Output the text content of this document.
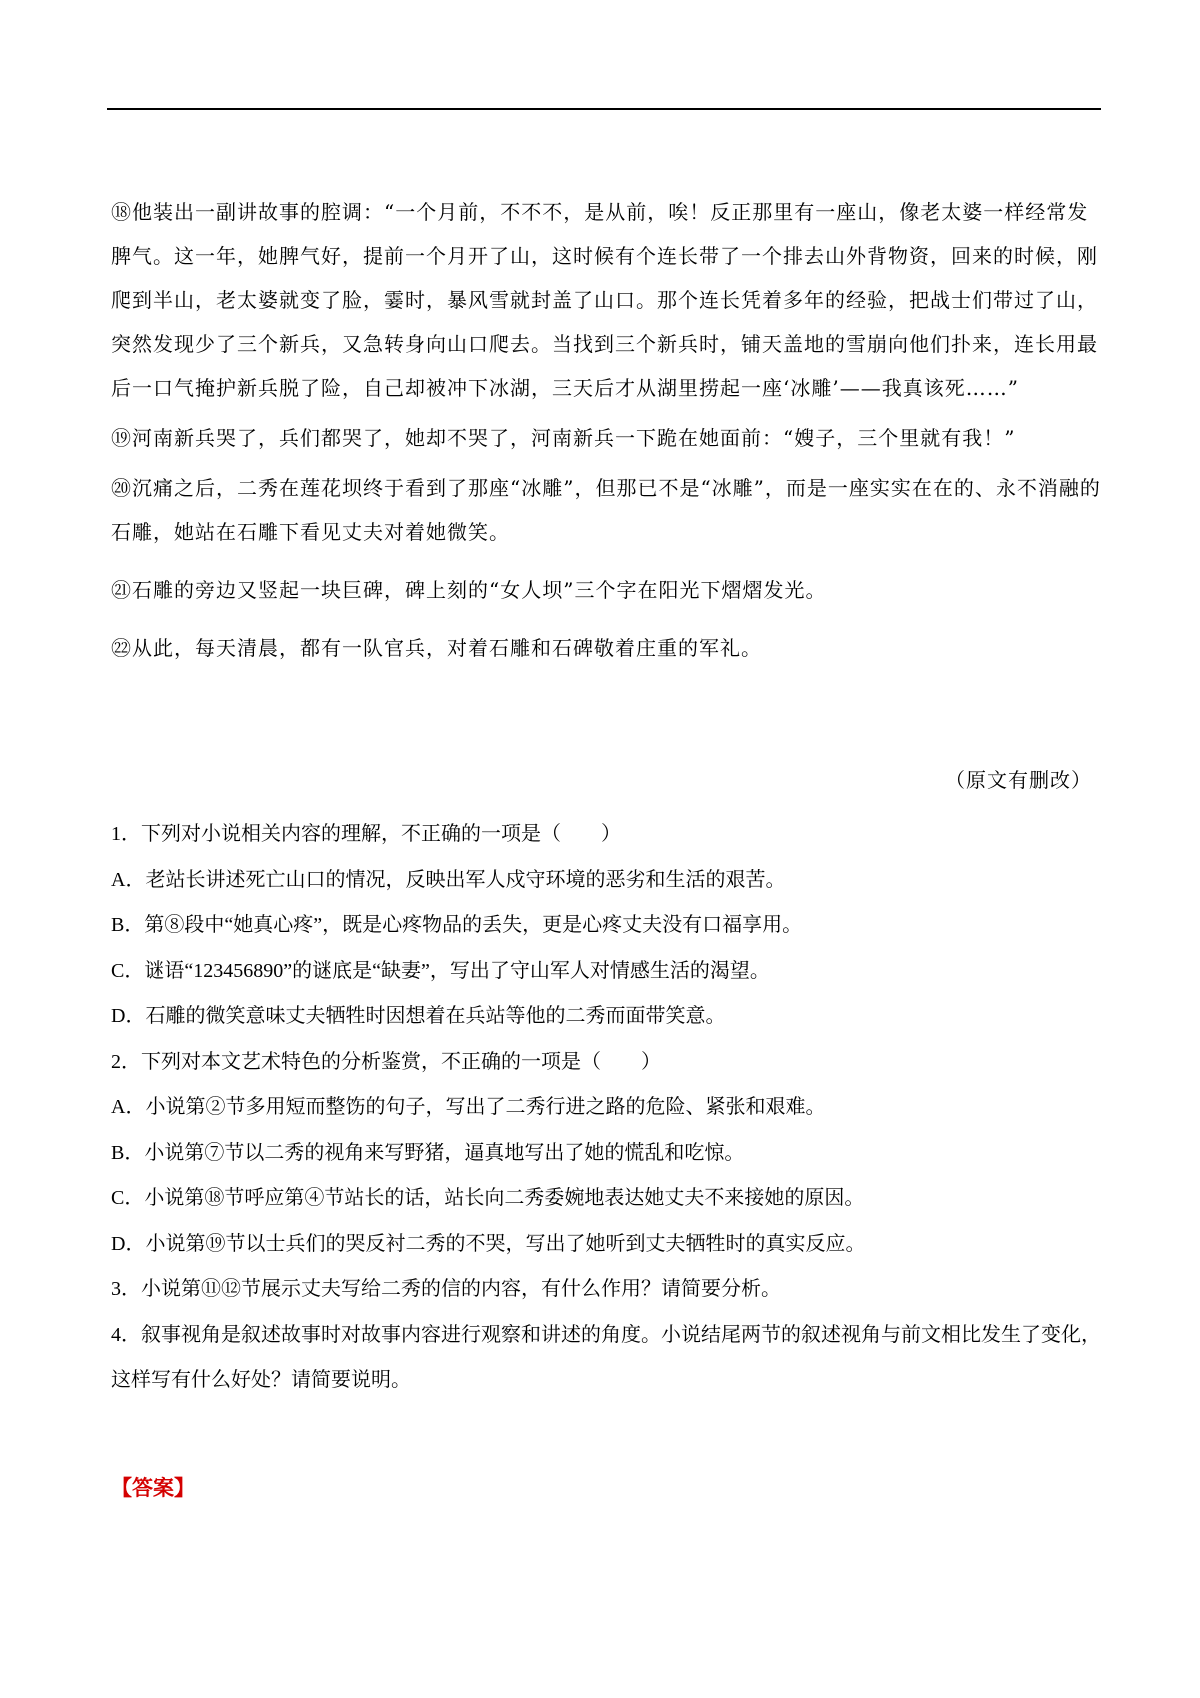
⑱他装出一副讲故事的腔调：“一个月前，不不不，是从前，唉！反正那里有一座山，像老太婆一样经常发脾气。这一年，她脾气好，提前一个月开了山，这时候有个连长带了一个排去山外背物资，回来的时候，刚爬到半山，老太婆就变了脸，霎时，暴风雪就封盖了山口。那个连长凭着多年的经验，把战士们带过了山，突然发现少了三个新兵，又急转身向山口爬去。当找到三个新兵时，铺天盖地的雪崩向他们扑来，连长用最后一口气掩护新兵脱了险，自己却被冲下冰湖，三天后才从湖里捞起一座‘冰雕’——我真该死……”

⑲河南新兵哭了，兵们都哭了，她却不哭了，河南新兵一下跪在她面前：“嫂子，三个里就有我！”

⑳沉痛之后，二秀在莲花坝终于看到了那座“冰雕”，但那已不是“冰雕”，而是一座实实在在的、永不消融的石雕，她站在石雕下看见丈夫对着她微笑。

㉑石雕的旁边又竖起一块巨碑，碑上刻的“女人坝”三个字在阳光下熠熠发光。

㉒从此，每天清晨，都有一队官兵，对着石雕和石碑敬着庄重的军礼。

（原文有删改）

1．下列对小说相关内容的理解，不正确的一项是（　　）

A．老站长讲述死亡山口的情况，反映出军人戍守环境的恶劣和生活的艰苦。

B．第⑧段中“她真心疼”，既是心疼物品的丢失，更是心疼丈夫没有口福享用。

C．谜语“123456890”的谜底是“缺妻”，写出了守山军人对情感生活的渴望。

D．石雕的微笑意味丈夫牺牲时因想着在兵站等他的二秀而面带笑意。

2．下列对本文艺术特色的分析鉴赏，不正确的一项是（　　）

A．小说第②节多用短而整饬的句子，写出了二秀行进之路的危险、紧张和艰难。

B．小说第⑦节以二秀的视角来写野猪，逼真地写出了她的慌乱和吃惊。

C．小说第⑱节呼应第④节站长的话，站长向二秀委婉地表达她丈夫不来接她的原因。

D．小说第⑲节以士兵们的哭反衬二秀的不哭，写出了她听到丈夫牺牲时的真实反应。

3．小说第⑪⑫节展示丈夫写给二秀的信的内容，有什么作用？请简要分析。

4．叙事视角是叙述故事时对故事内容进行观察和讲述的角度。小说结尾两节的叙述视角与前文相比发生了变化，这样写有什么好处？请简要说明。

【答案】
